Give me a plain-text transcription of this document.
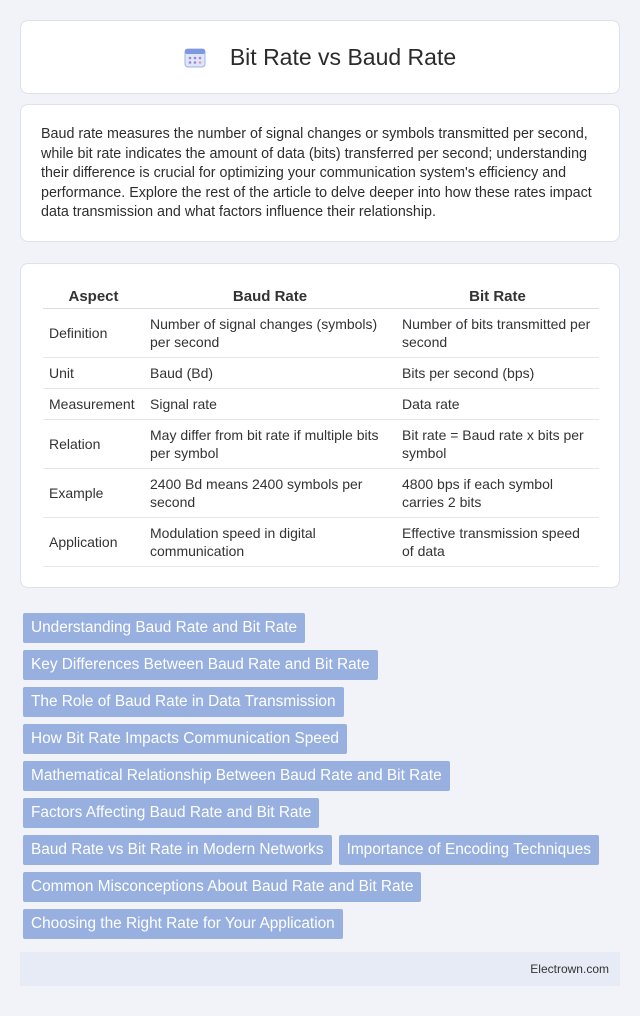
Bit Rate vs Baud Rate

Baud rate measures the number of signal changes or symbols transmitted per second, while bit rate indicates the amount of data (bits) transferred per second; understanding their difference is crucial for optimizing your communication system's efficiency and performance. Explore the rest of the article to delve deeper into how these rates impact data transmission and what factors influence their relationship.

Aspect	Baud Rate	Bit Rate
Definition	Number of signal changes (symbols) per second	Number of bits transmitted per second
Unit	Baud (Bd)	Bits per second (bps)
Measurement	Signal rate	Data rate
Relation	May differ from bit rate if multiple bits per symbol	Bit rate = Baud rate x bits per symbol
Example	2400 Bd means 2400 symbols per second	4800 bps if each symbol carries 2 bits
Application	Modulation speed in digital communication	Effective transmission speed of data
Understanding Baud Rate and Bit Rate
Key Differences Between Baud Rate and Bit Rate
The Role of Baud Rate in Data Transmission
How Bit Rate Impacts Communication Speed
Mathematical Relationship Between Baud Rate and Bit Rate
Factors Affecting Baud Rate and Bit Rate
Baud Rate vs Bit Rate in Modern Networks	Importance of Encoding Techniques
Common Misconceptions About Baud Rate and Bit Rate
Choosing the Right Rate for Your Application
Electrown.com
